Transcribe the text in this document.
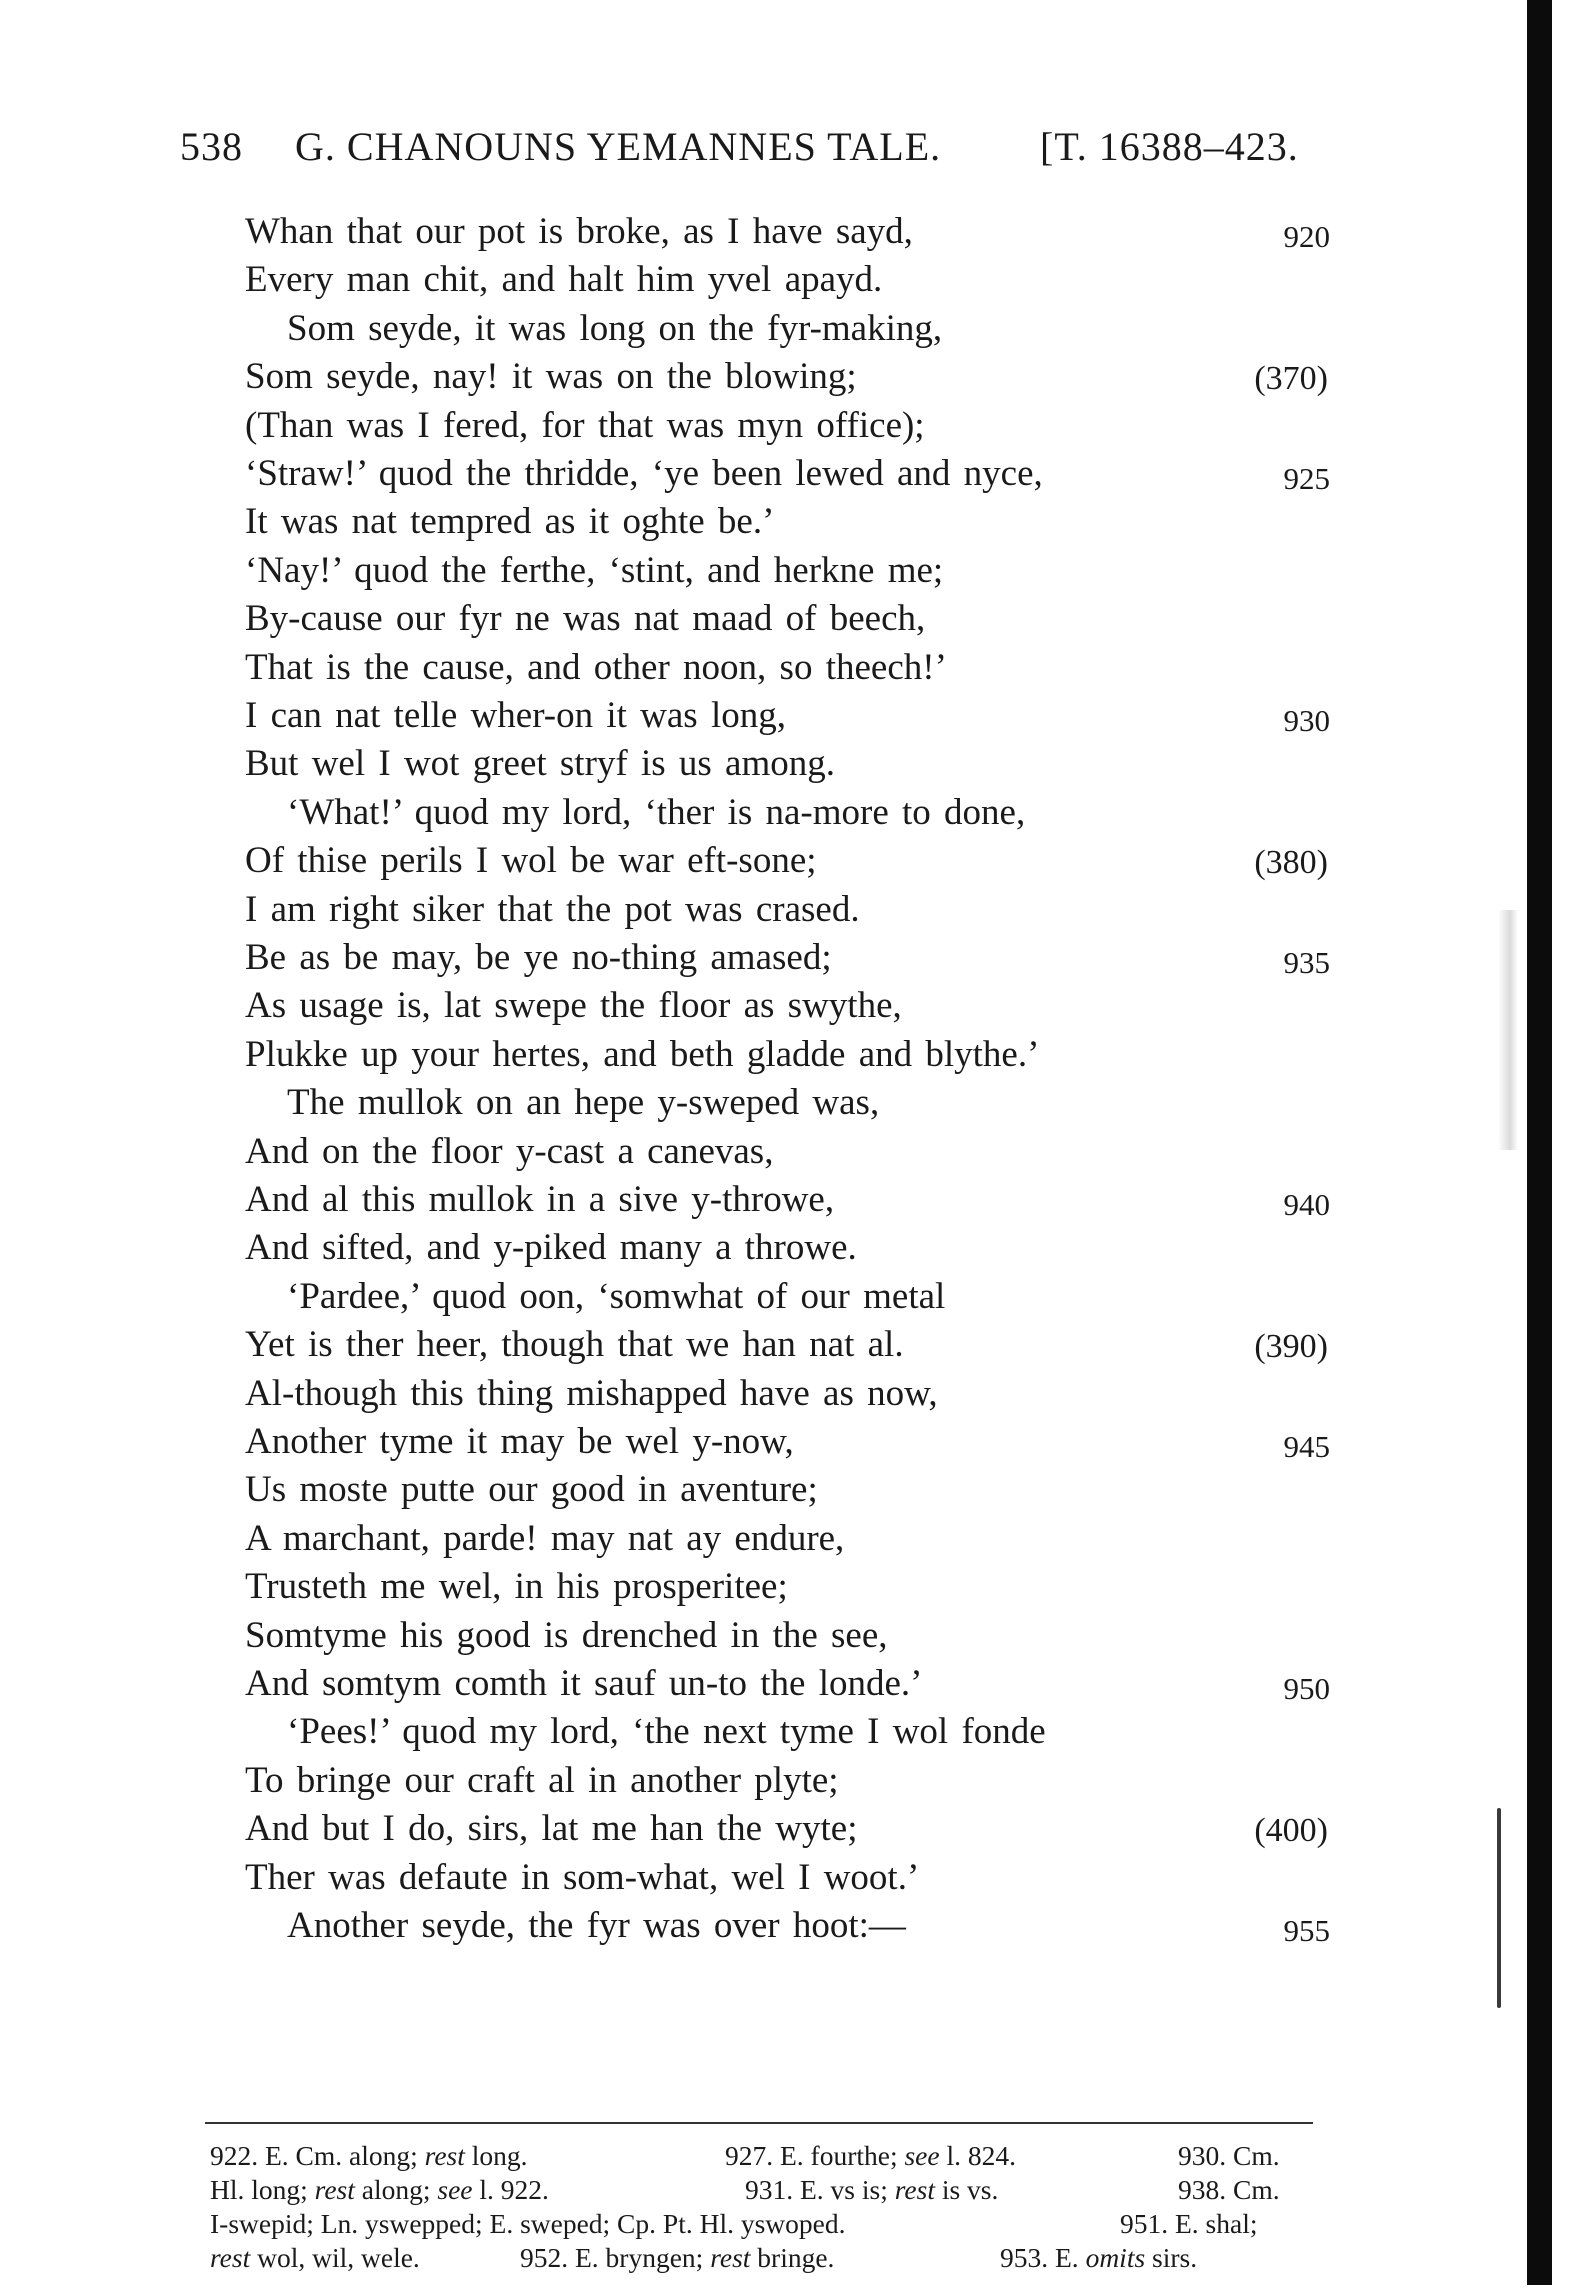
538 G. CHANOUNS YEMANNES TALE. [T. 16388–423.
Whan that our pot is broke, as I have sayd,	920
Every man chit, and halt him yvel apayd.
Som seyde, it was long on the fyr-making,
Som seyde, nay! it was on the blowing;	(370)
(Than was I fered, for that was myn office);
‘Straw!’ quod the thridde, ‘ye been lewed and nyce,	925
It was nat tempred as it oghte be.’
‘Nay!’ quod the ferthe, ‘stint, and herkne me;
By-cause our fyr ne was nat maad of beech,
That is the cause, and other noon, so theech!’
I can nat telle wher-on it was long,	930
But wel I wot greet stryf is us among.
‘What!’ quod my lord, ‘ther is na-more to done,
Of thise perils I wol be war eft-sone;	(380)
I am right siker that the pot was crased.
Be as be may, be ye no-thing amased;	935
As usage is, lat swepe the floor as swythe,
Plukke up your hertes, and beth gladde and blythe.’
The mullok on an hepe y-sweped was,
And on the floor y-cast a canevas,
And al this mullok in a sive y-throwe,	940
And sifted, and y-piked many a throwe.
‘Pardee,’ quod oon, ‘somwhat of our metal
Yet is ther heer, though that we han nat al.	(390)
Al-though this thing mishapped have as now,
Another tyme it may be wel y-now,	945
Us moste putte our good in aventure;
A marchant, parde! may nat ay endure,
Trusteth me wel, in his prosperitee;
Somtyme his good is drenched in the see,
And somtym comth it sauf un-to the londe.’	950
‘Pees!’ quod my lord, ‘the next tyme I wol fonde
To bringe our craft al in another plyte;
And but I do, sirs, lat me han the wyte;	(400)
Ther was defaute in som-what, wel I woot.’
Another seyde, the fyr was over hoot:—	955
922. E. Cm. along; rest long.	927. E. fourthe; see l. 824.	930. Cm.
Hl. long; rest along; see l. 922.	931. E. vs is; rest is vs.	938. Cm.
I-swepid; Ln. yswepped; E. sweped; Cp. Pt. Hl. yswoped.	951. E. shal;
rest wol, wil, wele.	952. E. bryngen; rest bringe.	953. E. omits sirs.
